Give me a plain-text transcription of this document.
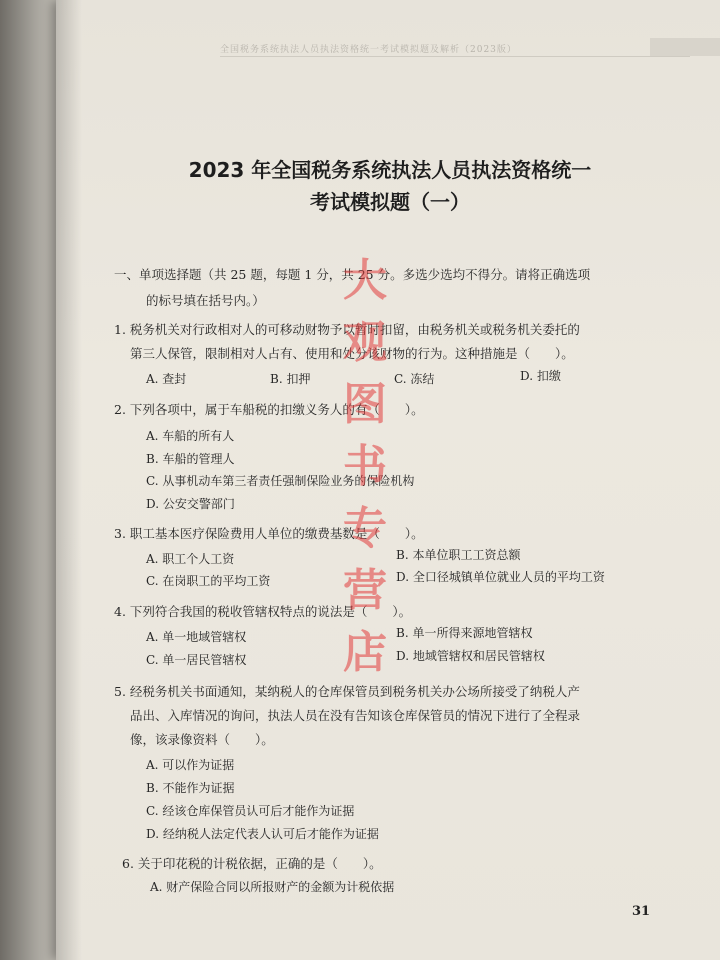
全国税务系统执法人员执法资格统一考试模拟题及解析（2023版）
2023 年全国税务系统执法人员执法资格统一
考试模拟题（一）
一、单项选择题（共 25 题，每题 1 分，共 25 分。多选少选均不得分。请将正确选项
的标号填在括号内。）
1. 税务机关对行政相对人的可移动财物予以暂时扣留，由税务机关或税务机关委托的
第三人保管，限制相对人占有、使用和处分该财物的行为。这种措施是（　　）。
A. 查封	B. 扣押	C. 冻结	D. 扣缴
2. 下列各项中，属于车船税的扣缴义务人的有（　　）。
A. 车船的所有人
B. 车船的管理人
C. 从事机动车第三者责任强制保险业务的保险机构
D. 公安交警部门
3. 职工基本医疗保险费用人单位的缴费基数是（　　）。
A. 职工个人工资	B. 本单位职工工资总额
C. 在岗职工的平均工资	D. 全口径城镇单位就业人员的平均工资
4. 下列符合我国的税收管辖权特点的说法是（　　）。
A. 单一地域管辖权	B. 单一所得来源地管辖权
C. 单一居民管辖权	D. 地域管辖权和居民管辖权
5. 经税务机关书面通知，某纳税人的仓库保管员到税务机关办公场所接受了纳税人产
品出、入库情况的询问，执法人员在没有告知该仓库保管员的情况下进行了全程录
像，该录像资料（　　）。
A. 可以作为证据
B. 不能作为证据
C. 经该仓库保管员认可后才能作为证据
D. 经纳税人法定代表人认可后才能作为证据
6. 关于印花税的计税依据，正确的是（　　）。
A. 财产保险合同以所报财产的金额为计税依据
大观图书专营店
31
